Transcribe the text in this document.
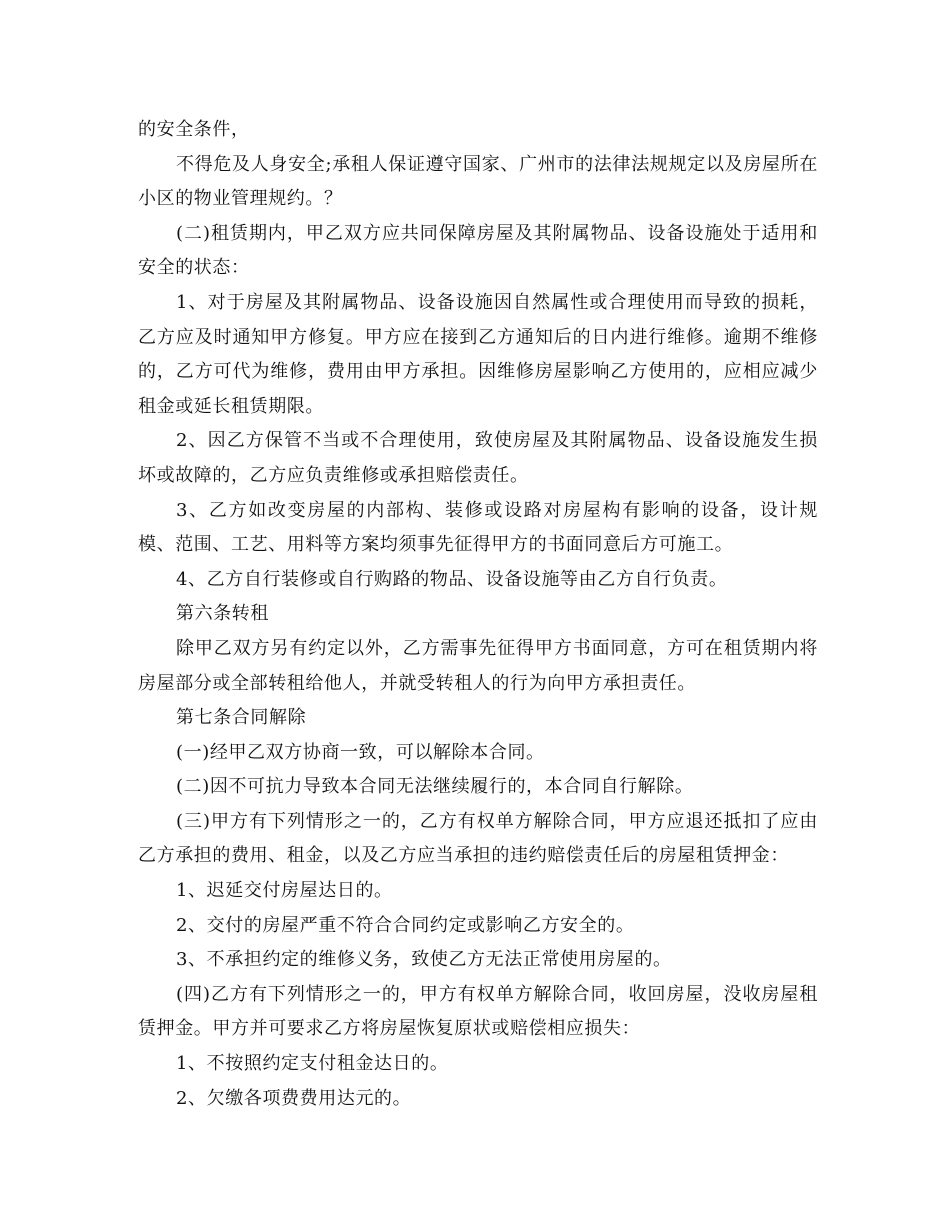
的安全条件，

不得危及人身安全;承租人保证遵守国家、广州市的法律法规规定以及房屋所在小区的物业管理规约。？

(二)租赁期内，甲乙双方应共同保障房屋及其附属物品、设备设施处于适用和安全的状态：

1、对于房屋及其附属物品、设备设施因自然属性或合理使用而导致的损耗，乙方应及时通知甲方修复。甲方应在接到乙方通知后的日内进行维修。逾期不维修的，乙方可代为维修，费用由甲方承担。因维修房屋影响乙方使用的，应相应减少租金或延长租赁期限。

2、因乙方保管不当或不合理使用，致使房屋及其附属物品、设备设施发生损坏或故障的，乙方应负责维修或承担赔偿责任。

3、乙方如改变房屋的内部构、装修或设路对房屋构有影响的设备，设计规模、范围、工艺、用料等方案均须事先征得甲方的书面同意后方可施工。

4、乙方自行装修或自行购路的物品、设备设施等由乙方自行负责。

第六条转租

除甲乙双方另有约定以外，乙方需事先征得甲方书面同意，方可在租赁期内将房屋部分或全部转租给他人，并就受转租人的行为向甲方承担责任。

第七条合同解除

(一)经甲乙双方协商一致，可以解除本合同。

(二)因不可抗力导致本合同无法继续履行的，本合同自行解除。

(三)甲方有下列情形之一的，乙方有权单方解除合同，甲方应退还抵扣了应由乙方承担的费用、租金，以及乙方应当承担的违约赔偿责任后的房屋租赁押金：

1、迟延交付房屋达日的。

2、交付的房屋严重不符合合同约定或影响乙方安全的。

3、不承担约定的维修义务，致使乙方无法正常使用房屋的。

(四)乙方有下列情形之一的，甲方有权单方解除合同，收回房屋，没收房屋租赁押金。甲方并可要求乙方将房屋恢复原状或赔偿相应损失：

1、不按照约定支付租金达日的。

2、欠缴各项费费用达元的。
